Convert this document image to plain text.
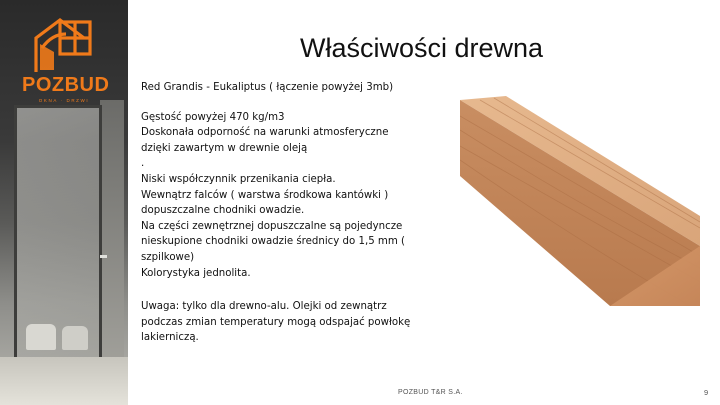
POZBUD
OKNA · DRZWI
Właściwości drewna

Red Grandis - Eukaliptus ( łączenie powyżej 3mb)

Gęstość powyżej 470 kg/m3

Doskonała odporność na warunki atmosferyczne

dzięki zawartym w drewnie oleją

.

Niski współczynnik przenikania ciepła.

Wewnątrz falców ( warstwa środkowa kantówki )

dopuszczalne chodniki owadzie.

Na części zewnętrznej dopuszczalne są pojedyncze

nieskupione chodniki owadzie średnicy do 1,5 mm (

szpilkowe)

Kolorystyka jednolita.

Uwaga: tylko dla drewno-alu. Olejki od zewnątrz

podczas zmian temperatury mogą odspajać powłokę

lakierniczą.

POZBUD T&R S.A.	9
